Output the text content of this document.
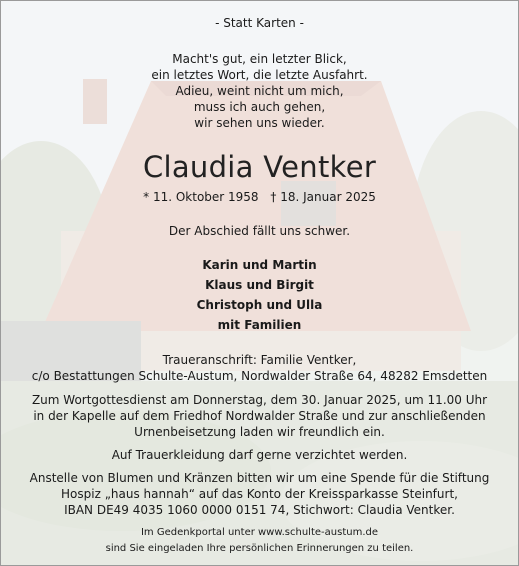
- Statt Karten -
Macht's gut, ein letzter Blick,
ein letztes Wort, die letzte Ausfahrt.
Adieu, weint nicht um mich,
muss ich auch gehen,
wir sehen uns wieder.
Claudia Ventker
* 11. Oktober 1958 † 18. Januar 2025
Der Abschied fällt uns schwer.
Karin und Martin
Klaus und Birgit
Christoph und Ulla
mit Familien
Traueranschrift: Familie Ventker,
c/o Bestattungen Schulte-Austum, Nordwalder Straße 64, 48282 Emsdetten
Zum Wortgottesdienst am Donnerstag, dem 30. Januar 2025, um 11.00 Uhr
in der Kapelle auf dem Friedhof Nordwalder Straße und zur anschließenden
Urnenbeisetzung laden wir freundlich ein.
Auf Trauerkleidung darf gerne verzichtet werden.
Anstelle von Blumen und Kränzen bitten wir um eine Spende für die Stiftung
Hospiz „haus hannah“ auf das Konto der Kreissparkasse Steinfurt,
IBAN DE49 4035 1060 0000 0151 74, Stichwort: Claudia Ventker.
Im Gedenkportal unter www.schulte-austum.de
sind Sie eingeladen Ihre persönlichen Erinnerungen zu teilen.
